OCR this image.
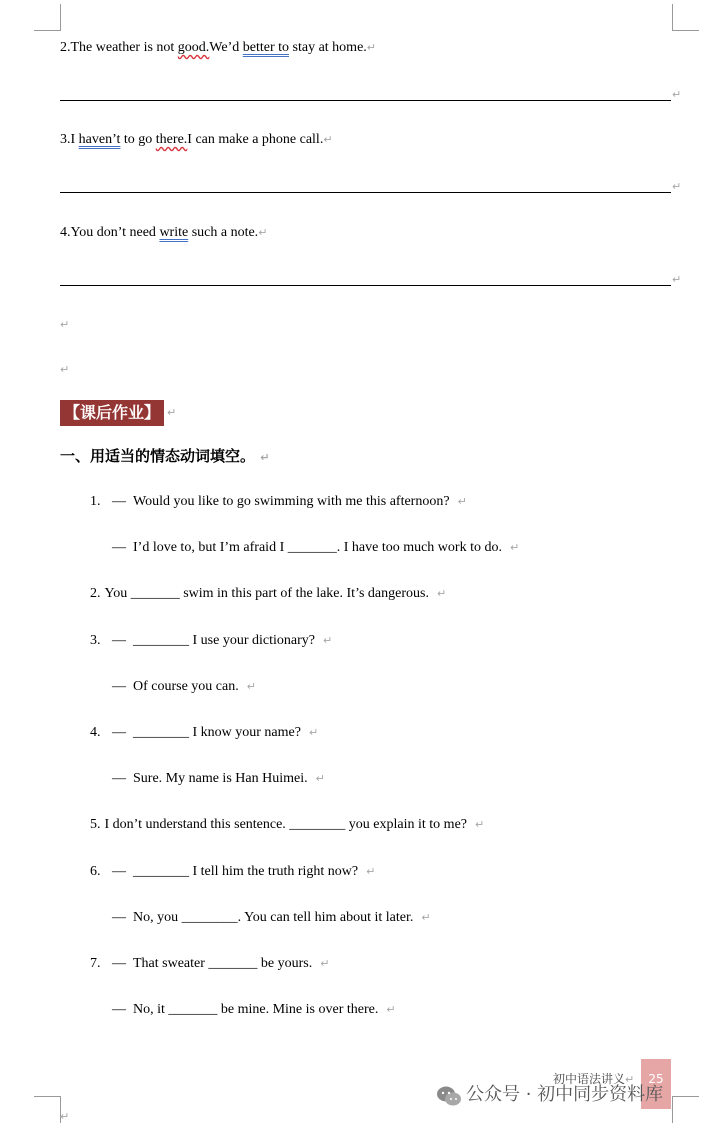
2.The weather is not good.We’d better to stay at home.↵
↵
3.I haven’t to go there.I can make a phone call.↵
↵
4.You don’t need write such a note.↵
↵
↵
↵
【课后作业】 ↵
一、用适当的情态动词填空。 ↵
1. — Would you like to go swimming with me this afternoon? ↵
— I’d love to, but I’m afraid I _______. I have too much work to do. ↵
2. You _______ swim in this part of the lake. It’s dangerous. ↵
3. — ________ I use your dictionary? ↵
— Of course you can. ↵
4. — ________ I know your name? ↵
— Sure. My name is Han Huimei. ↵
5. I don’t understand this sentence. ________ you explain it to me? ↵
6. — ________ I tell him the truth right now? ↵
— No, you ________. You can tell him about it later. ↵
7. — That sweater _______ be yours. ↵
— No, it _______ be mine. Mine is over there. ↵
初中语法讲义↵	25
公众号 · 初中同步资料库
↵
